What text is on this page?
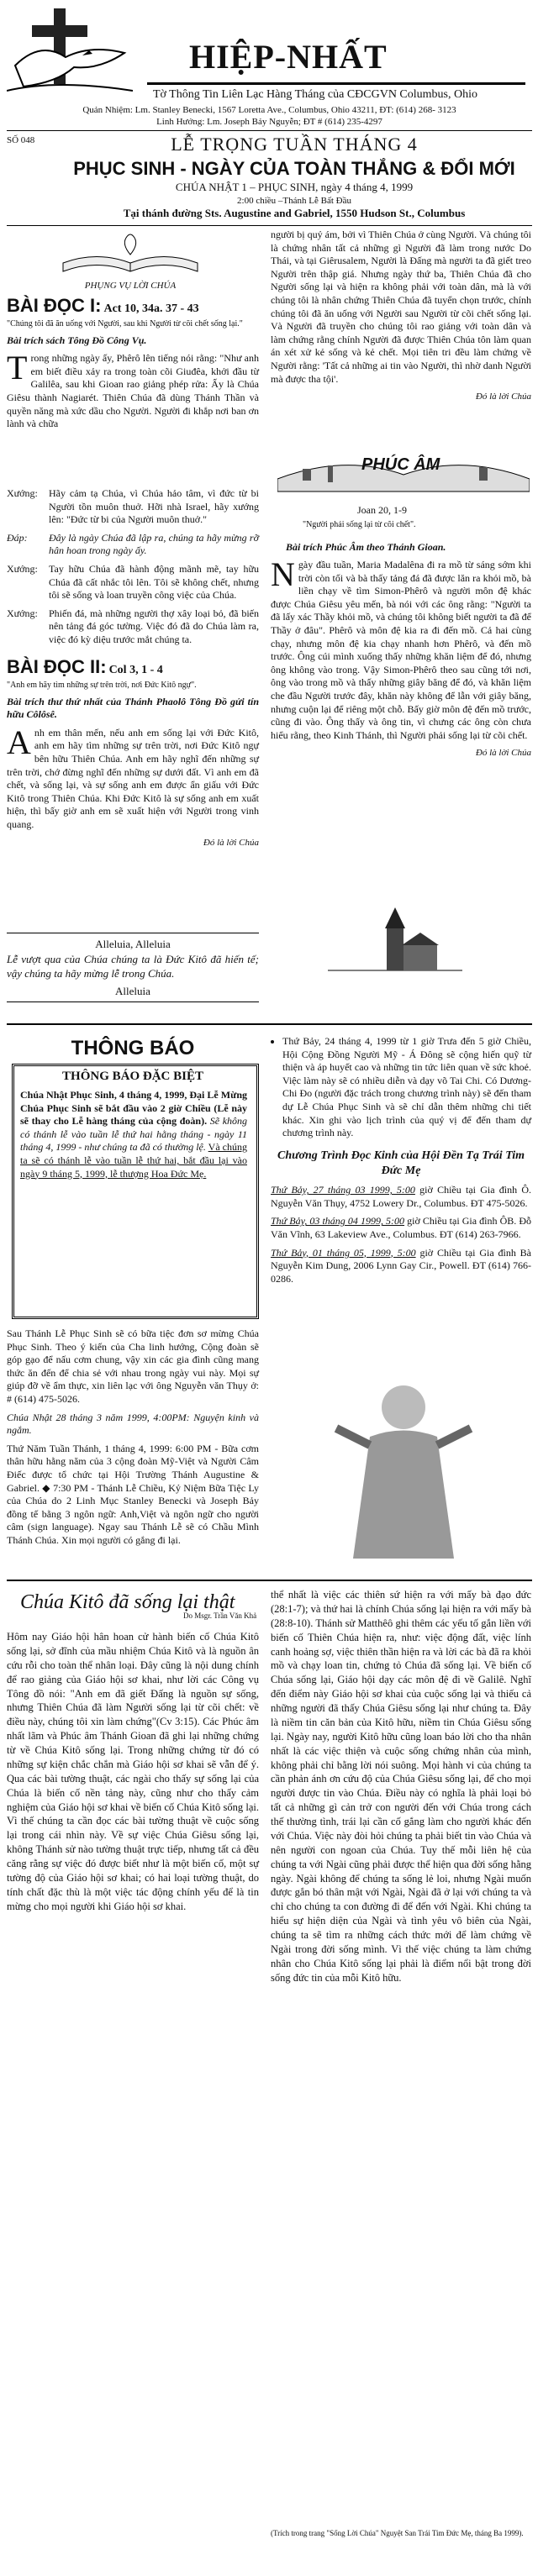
HIỆP-NHẤT
Tờ Thông Tin Liên Lạc Hàng Tháng của CĐCGVN Columbus, Ohio
Quản Nhiệm: Lm. Stanley Benecki, 1567 Loretta Ave., Columbus, Ohio 43211, ĐT: (614) 268- 3123
Linh Hướng: Lm. Joseph Bảy Nguyễn; ĐT # (614) 235-4297
SỐ 048	LỄ TRỌNG TUẦN THÁNG 4
PHỤC SINH - NGÀY CỦA TOÀN THẮNG & ĐỔI MỚI
CHÚA NHẬT 1 – PHỤC SINH, ngày 4 tháng 4, 1999
2:00 chiều –Thánh Lễ Bất Đầu
Tại thánh đường Sts. Augustine and Gabriel, 1550 Hudson St., Columbus
PHỤNG VỤ LỜI CHÚA
BÀI ĐỌC I: Act 10, 34a. 37 - 43

"Chúng tôi đã ăn uống với Người, sau khi Người từ cõi chết sống lại."

Bài trích sách Tông Đồ Công Vụ.

Trong những ngày ấy, Phêrô lên tiếng nói rằng: "Như anh em biết điều xảy ra trong toàn cõi Giuđêa, khởi đầu từ Galilêa, sau khi Gioan rao giảng phép rửa: Ấy là Chúa Giêsu thành Nagiarét. Thiên Chúa đã dùng Thánh Thần và quyền năng mà xức dầu cho Người. Người đi khắp nơi ban ơn lành và chữa

người bị quỷ ám, bởi vì Thiên Chúa ở cùng Người. Và chúng tôi là chứng nhân tất cả những gì Người đã làm trong nước Do Thái, và tại Giêrusalem, Người là Đấng mà người ta đã giết treo Người trên thập giá. Nhưng ngày thứ ba, Thiên Chúa đã cho Người sống lại và hiện ra không phải với toàn dân, mà là với chúng tôi là nhân chứng Thiên Chúa đã tuyển chọn trước, chính chúng tôi đã ăn uống với Người sau Người từ cõi chết sống lại. Và Người đã truyền cho chúng tôi rao giảng với toàn dân và làm chứng rằng chính Người đã được Thiên Chúa tôn làm quan án xét xử kẻ sống và kẻ chết. Mọi tiên tri đều làm chứng về Người rằng: 'Tất cả những ai tin vào Người, thì nhờ danh Người mà được tha tội'.

Đó là lời Chúa
Xướng:	Hãy cảm tạ Chúa, vì Chúa hảo tâm, vì đức từ bi Người tồn muôn thuở. Hỡi nhà Israel, hãy xướng lên: "Đức từ bi của Người muôn thuở."
Đáp:	Đây là ngày Chúa đã lập ra, chúng ta hãy mừng rỡ hân hoan trong ngày ấy.
Xướng:	Tay hữu Chúa đã hành động mãnh mẽ, tay hữu Chúa đã cất nhắc tôi lên. Tôi sẽ không chết, nhưng tôi sẽ sống và loan truyền công việc của Chúa.
Xướng:	Phiến đá, mà những người thợ xây loại bỏ, đã biến nên tảng đá góc tường. Việc đó đã do Chúa làm ra, việc đó kỳ diệu trước mắt chúng ta.
PHÚC ÂM
Joan 20, 1-9
"Người phải sống lại từ cõi chết".
Bài trích Phúc Âm theo Thánh Gioan.

Ngày đầu tuần, Maria Madalêna đi ra mồ từ sáng sớm khi trời còn tối và bà thấy tảng đá đã được lăn ra khỏi mồ, bà liền chạy về tìm Simon-Phêrô và người môn đệ khác được Chúa Giêsu yêu mến, bà nói với các ông rằng: "Người ta đã lấy xác Thầy khỏi mồ, và chúng tôi không biết người ta đã để Thầy ở đâu". Phêrô và môn đệ kia ra đi đến mồ. Cả hai cùng chạy, nhưng môn đệ kia chạy nhanh hơn Phêrô, và đến mồ trước. Ông cúi mình xuống thấy những khăn liệm để đó, nhưng ông không vào trong. Vậy Simon-Phêrô theo sau cũng tới nơi, ông vào trong mồ và thấy những giây băng để đó, và khăn liệm che đầu Người trước đây, khăn này không để lẫn với giây băng, nhưng cuộn lại để riêng một chỗ. Bấy giờ môn đệ đến mồ trước, cũng đi vào. Ông thấy và ông tin, vì chưng các ông còn chưa hiểu rằng, theo Kinh Thánh, thì Người phải sống lại từ cõi chết.

Đó là lời Chúa
BÀI ĐỌC II: Col 3, 1 - 4

"Anh em hãy tìm những sự trên trời, nơi Đức Kitô ngự".

Bài trích thư thứ nhất của Thánh Phaolô Tông Đồ gửi tín hữu Côlôsê.

Anh em thân mến, nếu anh em sống lại với Đức Kitô, anh em hãy tìm những sự trên trời, nơi Đức Kitô ngự bên hữu Thiên Chúa. Anh em hãy nghĩ đến những sự trên trời, chớ đừng nghĩ đến những sự dưới đất. Vì anh em đã chết, và sống lại, và sự sống anh em được ẩn giấu với Đức Kitô trong Thiên Chúa. Khi Đức Kitô là sự sống anh em xuất hiện, thì bấy giờ anh em sẽ xuất hiện với Người trong vinh quang.

Đó là lời Chúa
Alleluia, Alleluia
Lễ vượt qua của Chúa chúng ta là Đức Kitô đã hiến tế; vậy chúng ta hãy mừng lễ trong Chúa.
Alleluia
THÔNG BÁO
THÔNG BÁO ĐẶC BIỆT
Chúa Nhật Phục Sinh, 4 tháng 4, 1999, Đại Lễ Mừng Chúa Phục Sinh sẽ bắt đầu vào 2 giờ Chiều (Lễ này sẽ thay cho Lễ hàng tháng của cộng đoàn). Sẽ không có thánh lễ vào tuần lễ thứ hai hằng tháng - ngày 11 tháng 4, 1999 - như chúng ta đã có thường lệ. Và chúng ta sẽ có thánh lễ vào tuần lễ thứ hai, bắt đầu lại vào ngày 9 tháng 5, 1999, lễ thượng Hoa Đức Mẹ.

Sau Thánh Lễ Phục Sinh sẽ có bữa tiệc đơn sơ mừng Chúa Phục Sinh. Theo ý kiến của Cha linh hướng, Cộng đoàn sẽ góp gạo để nấu cơm chung, vậy xin các gia đình cũng mang thức ăn đến để chia sẻ với nhau trong ngày vui này. Mọi sự giúp đỡ về ẩm thực, xin liên lạc với ông Nguyễn văn Thụy ở: # (614) 475-5026.

Chúa Nhật 28 tháng 3 năm 1999, 4:00PM: Nguyện kinh và ngắm.

Thứ Năm Tuần Thánh, 1 tháng 4, 1999: 6:00 PM - Bữa cơm thân hữu hằng năm của 3 cộng đoàn Mỹ-Việt và Người Câm Điếc được tổ chức tại Hội Trường Thánh Augustine & Gabriel. ◆ 7:30 PM - Thánh Lễ Chiều, Kỷ Niệm Bữa Tiệc Ly của Chúa do 2 Linh Mục Stanley Benecki và Joseph Bảy đồng tế bằng 3 ngôn ngữ: Anh,Việt và ngôn ngữ cho người câm (sign language). Ngay sau Thánh Lễ sẽ có Chầu Mình Thánh Chúa. Xin mọi người có gắng đi lại.

• Thứ Bảy, 24 tháng 4, 1999 từ 1 giờ Trưa đến 5 giờ Chiều, Hội Cộng Đồng Người Mỹ - Á Đông sẽ cộng hiến quỹ từ thiện và áp huyết cao và những tin tức liên quan về sức khoẻ. Việc làm này sẽ có nhiều diễn và dạy võ Tai Chi. Có Dương-Chi Đo (người đặc trách trong chương trình này) sẽ đến tham dự Lễ Chúa Phục Sinh và sẽ chỉ dẫn thêm những chi tiết khác. Xin ghi vào lịch trình của quý vị để đến tham dự chương trình này.

Chương Trình Đọc Kinh của Hội Đền Tạ Trái Tim Đức Mẹ

Thứ Bảy, 27 tháng 03 1999, 5:00 giờ Chiều tại Gia đình Ô. Nguyễn Văn Thụy, 4752 Lowery Dr., Columbus. ĐT 475-5026.

Thứ Bảy, 03 tháng 04 1999, 5:00 giờ Chiều tại Gia đình ÔB. Đỗ Văn Vĩnh, 63 Lakeview Ave., Columbus. ĐT (614) 263-7966.

Thứ Bảy, 01 tháng 05, 1999, 5:00 giờ Chiều tại Gia đình Bà Nguyễn Kim Dung, 2006 Lynn Gay Cir., Powell. ĐT (614) 766-0286.

Chúa Kitô đã sống lại thật
Do Msgr. Trần Văn Khả
Hôm nay Giáo hội hân hoan cử hành biến cố Chúa Kitô sống lại, sở đĩnh của mầu nhiệm Chúa Kitô và là nguồn ân cứu rỗi cho toàn thể nhân loại. Đây cũng là nội dung chính để rao giảng của Giáo hội sơ khai, như lời các Công vụ Tông đồ nói: "Anh em đã giết Đấng là nguồn sự sống, nhưng Thiên Chúa đã làm Người sống lại từ cõi chết: về điều này, chúng tôi xin làm chứng"(Cv 3:15). Các Phúc âm nhất lãm và Phúc âm Thánh Gioan đã ghi lại những chứng từ về Chúa Kitô sống lại. Trong những chứng từ đó có những sự kiện chắc chắn mà Giáo hội sơ khai sẽ vẫn để ý. Qua các bài tường thuật, các ngài cho thấy sự sống lại của Chúa là biến cố nền tảng này, cũng như cho thấy cảm nghiệm của Giáo hội sơ khai về biến cố Chúa Kitô sống lại. Vì thế chúng ta cần đọc các bài tường thuật về cuộc sống lại trong cái nhìn này. Về sự việc Chúa Giêsu sống lại, không Thánh sử nào tường thuật trực tiếp, nhưng tất cả đều căng rằng sự việc đó được biết như là một biến cố, một sự tường độ của Giáo hội sơ khai; có hai loại tường thuật, do tính chất đặc thù là một việc tác động chính yếu để là tin mừng cho mọi người khi Giáo hội sơ khai.
thể nhất là việc các thiên sứ hiện ra với mấy bà đạo đức (28:1-7); và thứ hai là chính Chúa sống lại hiện ra với mấy bà (28:8-10). Thánh sử Matthêô ghi thêm các yếu tố gắn liền với biến cố Thiên Chúa hiện ra, như: việc động đất, việc lính canh hoảng sợ, việc thiên thần hiện ra và lời các bà đã ra khỏi mồ và chạy loan tin, chứng tỏ Chúa đã sống lại. Về biến cố Chúa sống lại, Giáo hội dạy các môn đệ đi về Galilê. Nghĩ đến điểm này Giáo hội sơ khai của cuộc sống lại và thiếu cả những người đã thấy Chúa Giêsu sống lại như chúng ta. Đây là niềm tin căn bản của Kitô hữu, niềm tin Chúa Giêsu sống lại. Ngày nay, người Kitô hữu cũng loan báo lời cho tha nhân nhất là các việc thiện và cuộc sống chứng nhân của mình, không phải chỉ bằng lời nói suông. Mọi hành vi của chúng ta cần phản ánh ơn cứu độ của Chúa Giêsu sống lại, để cho mọi người được tin vào Chúa. Điều này có nghĩa là phải loại bỏ tất cả những gì cản trở con người đến với Chúa trong cách thế thường tình, trái lại cần cố gắng làm cho người khác đến với Chúa. Việc này đòi hỏi chúng ta phải biết tin vào Chúa và nên người con ngoan của Chúa. Tuy thế mỗi liên hệ của chúng ta với Ngài cũng phải được thể hiện qua đời sống hằng ngày. Ngài không để chúng ta sống lẻ loi, nhưng Ngài muốn được gắn bó thân mật với Ngài, Ngài đã ở lại với chúng ta và chỉ cho chúng ta con đường đi để đến với Ngài. Khi chúng ta hiểu sự hiện diện của Ngài và tình yêu vô biên của Ngài, chúng ta sẽ tìm ra những cách thức mới để làm chứng về Ngài trong đời sống mình. Vì thế việc chúng ta làm chứng nhân cho Chúa Kitô sống lại phải là điểm nổi bật trong đời sống đức tin của mỗi Kitô hữu.
(Trích trong trang "Sống Lời Chúa" Nguyệt San Trái Tim Đức Mẹ, tháng Ba 1999).
